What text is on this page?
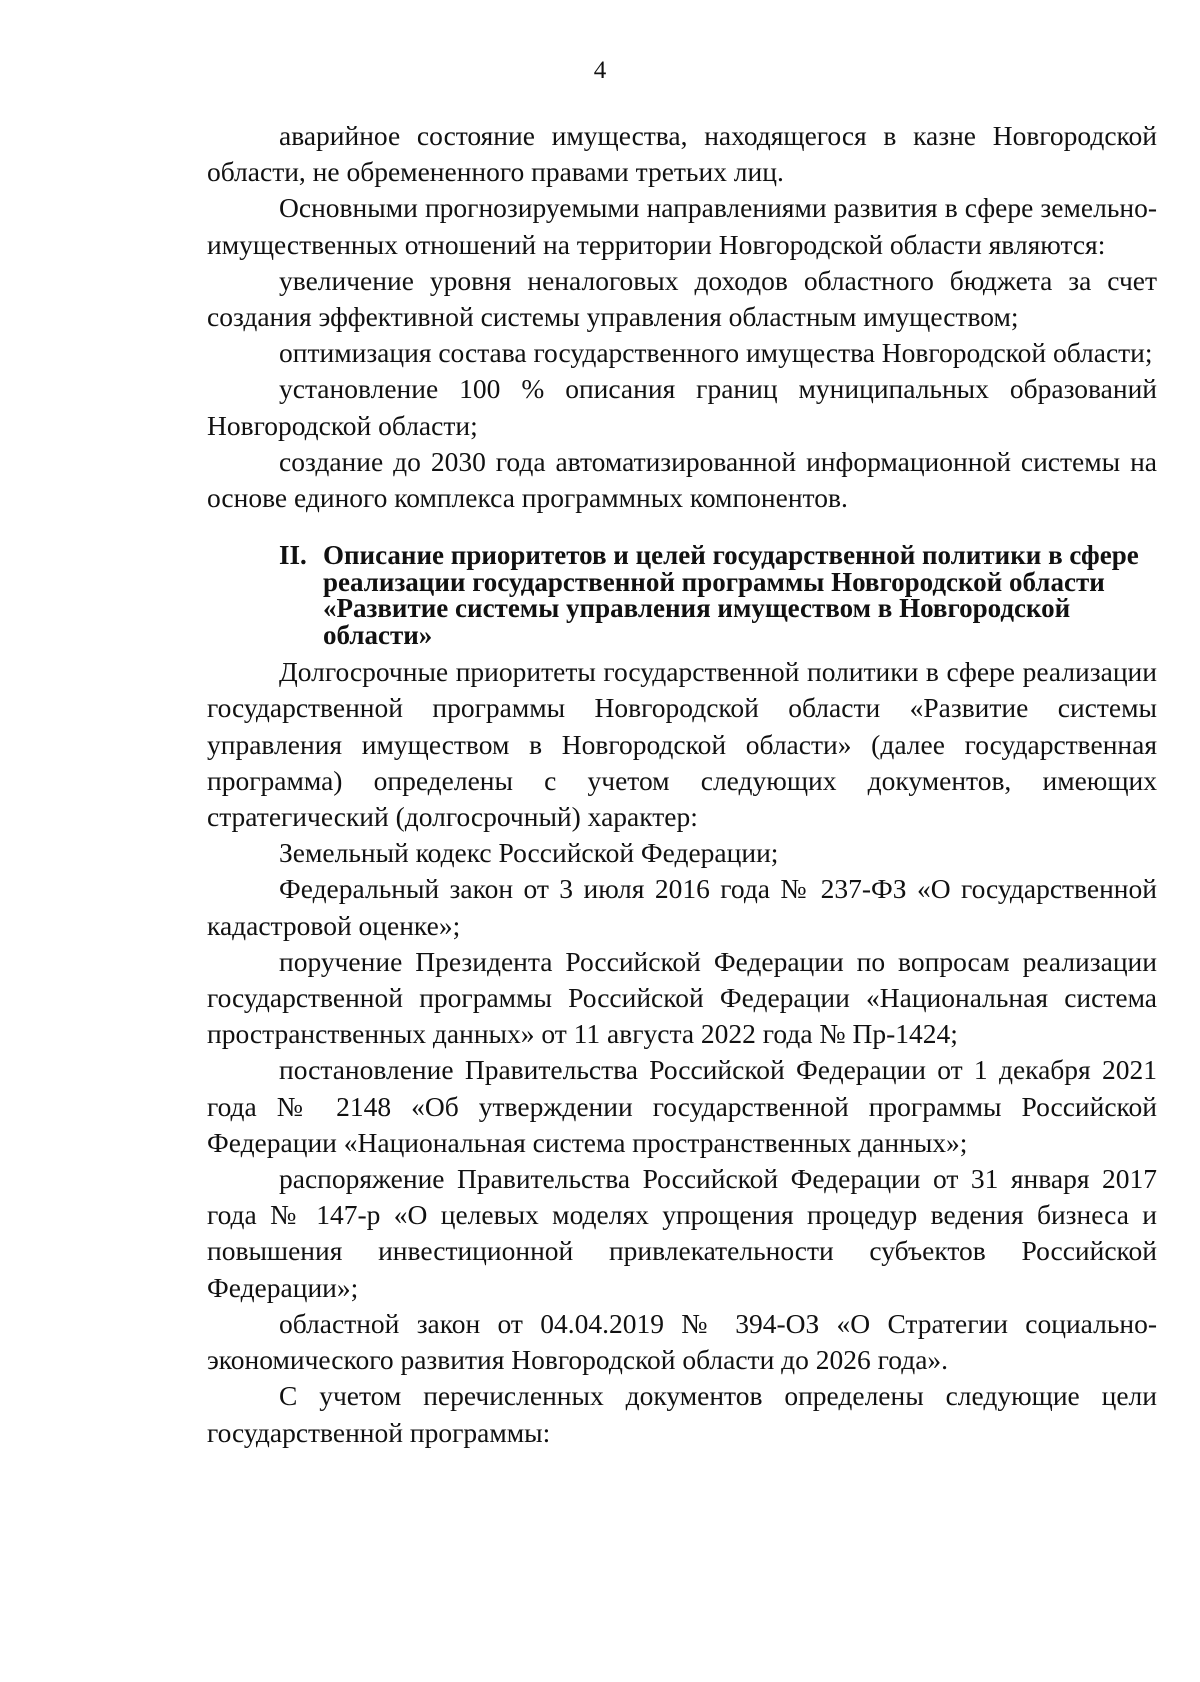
4

аварийное состояние имущества, находящегося в казне Новгородской области, не обремененного правами третьих лиц.

Основными прогнозируемыми направлениями развития в сфере земельно-имущественных отношений на территории Новгородской области являются:

увеличение уровня неналоговых доходов областного бюджета за счет создания эффективной системы управления областным имуществом;

оптимизация состава государственного имущества Новгородской области;

установление 100 % описания границ муниципальных образований Новгородской области;

создание до 2030 года автоматизированной информационной системы на основе единого комплекса программных компонентов.

II. Описание приоритетов и целей государственной политики в сфере реализации государственной программы Новгородской области «Развитие системы управления имуществом в Новгородской области»

Долгосрочные приоритеты государственной политики в сфере реализации государственной программы Новгородской области «Развитие системы управления имуществом в Новгородской области» (далее государственная программа) определены с учетом следующих документов, имеющих стратегический (долгосрочный) характер:

Земельный кодекс Российской Федерации;

Федеральный закон от 3 июля 2016 года № 237-ФЗ «О государственной кадастровой оценке»;

поручение Президента Российской Федерации по вопросам реализации государственной программы Российской Федерации «Национальная система пространственных данных» от 11 августа 2022 года № Пр-1424;

постановление Правительства Российской Федерации от 1 декабря 2021 года № 2148 «Об утверждении государственной программы Российской Федерации «Национальная система пространственных данных»;

распоряжение Правительства Российской Федерации от 31 января 2017 года № 147-р «О целевых моделях упрощения процедур ведения бизнеса и повышения инвестиционной привлекательности субъектов Российской Федерации»;

областной закон от 04.04.2019 № 394-ОЗ «О Стратегии социально-экономического развития Новгородской области до 2026 года».

С учетом перечисленных документов определены следующие цели государственной программы:
